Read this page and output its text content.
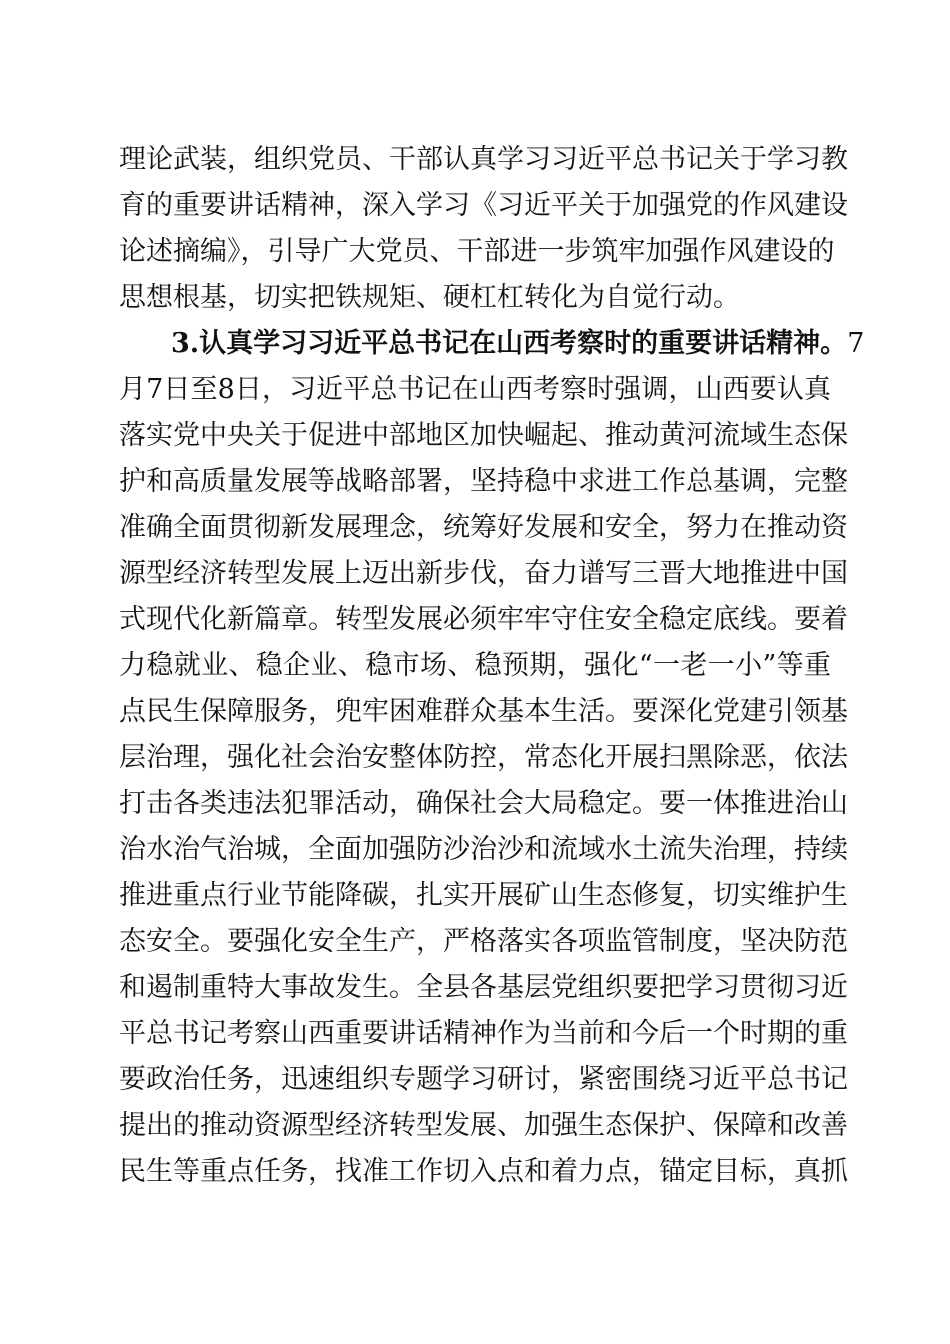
理论武装，组织党员、干部认真学习习近平总书记关于学习教
育的重要讲话精神，深入学习《习近平关于加强党的作风建设
论述摘编》，引导广大党员、干部进一步筑牢加强作风建设的
思想根基，切实把铁规矩、硬杠杠转化为自觉行动。
3.认真学习习近平总书记在山西考察时的重要讲话精神。7
月7日至8日，习近平总书记在山西考察时强调，山西要认真
落实党中央关于促进中部地区加快崛起、推动黄河流域生态保
护和高质量发展等战略部署，坚持稳中求进工作总基调，完整
准确全面贯彻新发展理念，统筹好发展和安全，努力在推动资
源型经济转型发展上迈出新步伐，奋力谱写三晋大地推进中国
式现代化新篇章。转型发展必须牢牢守住安全稳定底线。要着
力稳就业、稳企业、稳市场、稳预期，强化“一老一小”等重
点民生保障服务，兜牢困难群众基本生活。要深化党建引领基
层治理，强化社会治安整体防控，常态化开展扫黑除恶，依法
打击各类违法犯罪活动，确保社会大局稳定。要一体推进治山
治水治气治城，全面加强防沙治沙和流域水土流失治理，持续
推进重点行业节能降碳，扎实开展矿山生态修复，切实维护生
态安全。要强化安全生产，严格落实各项监管制度，坚决防范
和遏制重特大事故发生。全县各基层党组织要把学习贯彻习近
平总书记考察山西重要讲话精神作为当前和今后一个时期的重
要政治任务，迅速组织专题学习研讨，紧密围绕习近平总书记
提出的推动资源型经济转型发展、加强生态保护、保障和改善
民生等重点任务，找准工作切入点和着力点，锚定目标，真抓
